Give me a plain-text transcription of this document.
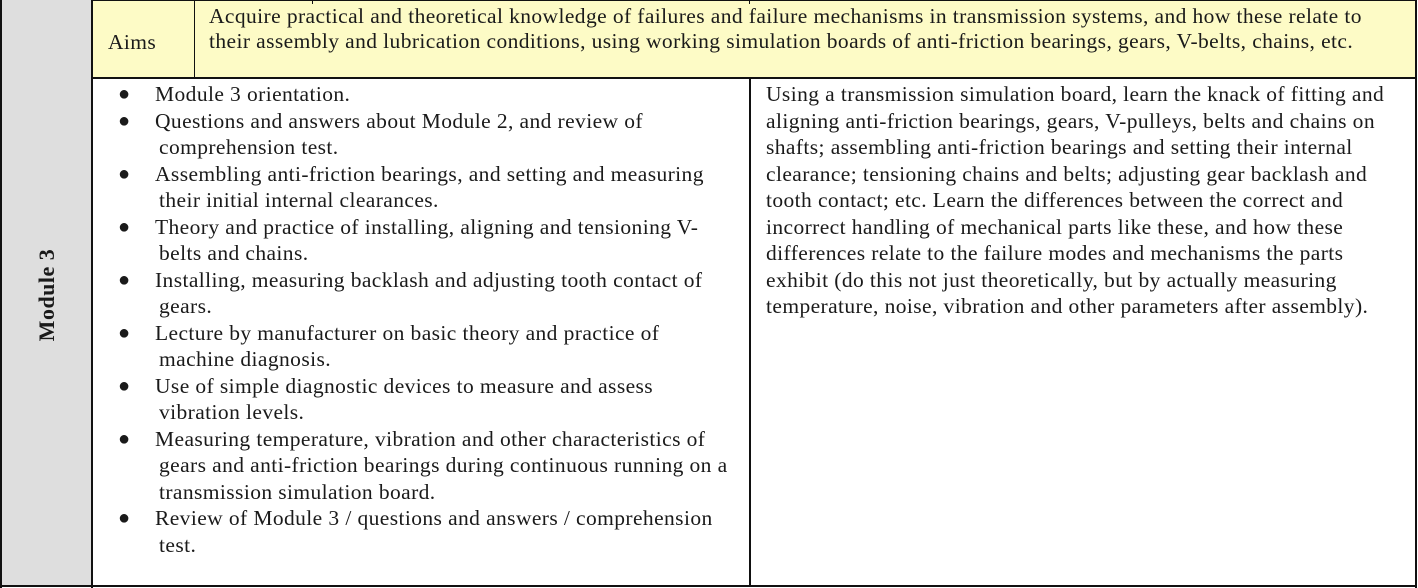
Module 3
Aims
Acquire practical and theoretical knowledge of failures and failure mechanisms in transmission systems, and how these relate to their assembly and lubrication conditions, using working simulation boards of anti-friction bearings, gears, V-belts, chains, etc.
● Module 3 orientation.
● Questions and answers about Module 2, and review of comprehension test.
● Assembling anti-friction bearings, and setting and measuring their initial internal clearances.
● Theory and practice of installing, aligning and tensioning V-belts and chains.
● Installing, measuring backlash and adjusting tooth contact of gears.
● Lecture by manufacturer on basic theory and practice of machine diagnosis.
● Use of simple diagnostic devices to measure and assess vibration levels.
● Measuring temperature, vibration and other characteristics of gears and anti-friction bearings during continuous running on a transmission simulation board.
● Review of Module 3 / questions and answers / comprehension test.
Using a transmission simulation board, learn the knack of fitting and aligning anti-friction bearings, gears, V-pulleys, belts and chains on shafts; assembling anti-friction bearings and setting their internal clearance; tensioning chains and belts; adjusting gear backlash and tooth contact; etc. Learn the differences between the correct and incorrect handling of mechanical parts like these, and how these differences relate to the failure modes and mechanisms the parts exhibit (do this not just theoretically, but by actually measuring temperature, noise, vibration and other parameters after assembly).
